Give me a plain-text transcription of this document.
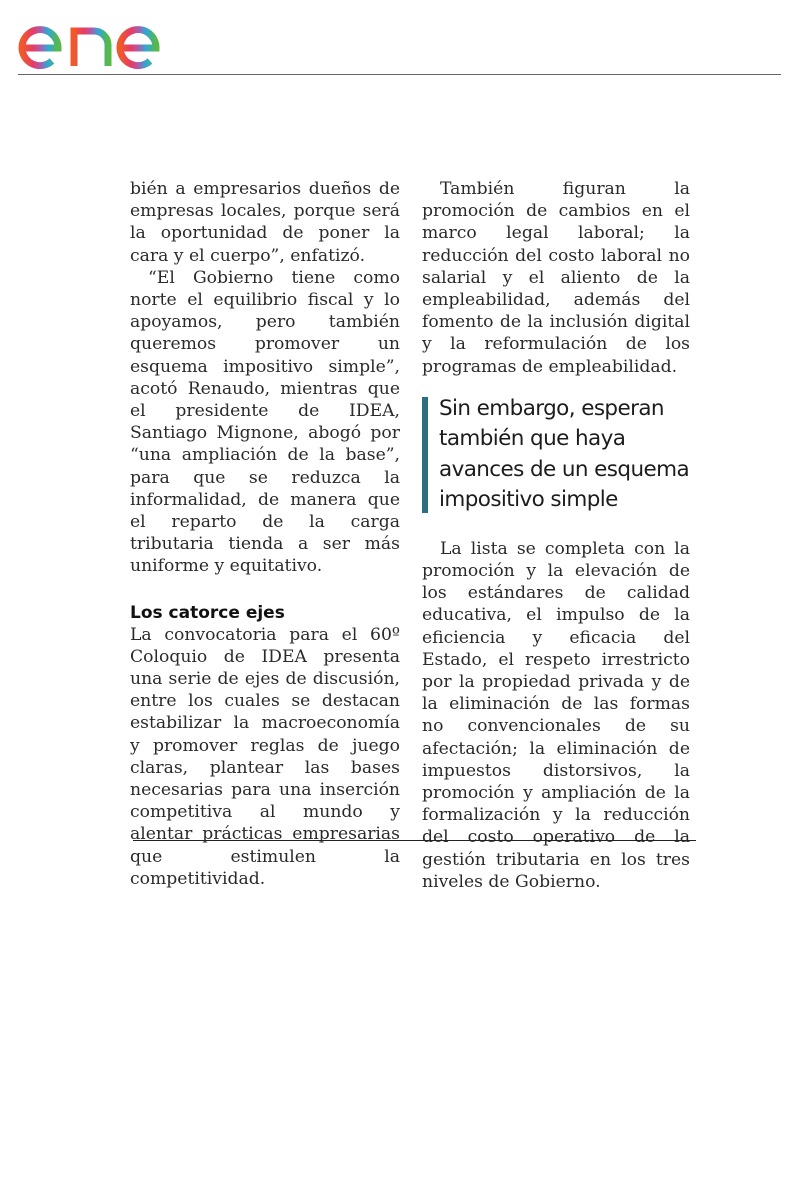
bién a empresarios dueños de empresas locales, porque será la oportunidad de poner la cara y el cuerpo”, enfatizó.

“El Gobierno tiene como norte el equilibrio fiscal y lo apoyamos, pero también queremos promover un esquema impositivo simple”, acotó Renaudo, mientras que el presidente de IDEA, Santiago Mignone, abogó por “una ampliación de la base”, para que se reduzca la informalidad, de manera que el reparto de la carga tributaria tienda a ser más uniforme y equitativo.

Los catorce ejes

La convocatoria para el 60º Coloquio de IDEA presenta una serie de ejes de discusión, entre los cuales se destacan estabilizar la macroeconomía y promover reglas de juego claras, plantear las bases necesarias para una inserción competitiva al mundo y alentar prácticas empresarias que estimulen la competitividad.

También figuran la promoción de cambios en el marco legal laboral; la reducción del costo laboral no salarial y el aliento de la empleabilidad, además del fomento de la inclusión digital y la reformulación de los programas de empleabilidad.

Sin embargo, esperan también que haya avances de un esquema impositivo simple

La lista se completa con la promoción y la elevación de los estándares de calidad educativa, el impulso de la eficiencia y eficacia del Estado, el respeto irrestricto por la propiedad privada y de la eliminación de las formas no convencionales de su afectación; la eliminación de impuestos distorsivos, la promoción y ampliación de la formalización y la reducción del costo operativo de la gestión tributaria en los tres niveles de Gobierno.
